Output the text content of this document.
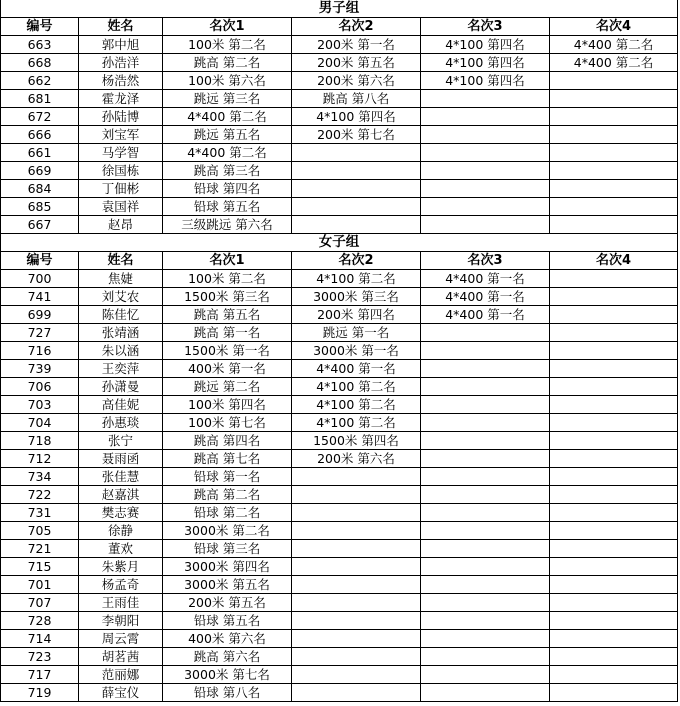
男子组					
编号	姓名	名次1	名次2	名次3	名次4
663	郭中旭	100米 第二名	200米 第一名	4*100 第四名	4*400 第二名
668	孙浩洋	跳高 第二名	200米 第五名	4*100 第四名	4*400 第二名
662	杨浩然	100米 第六名	200米 第六名	4*100 第四名	
681	霍龙泽	跳远 第三名	跳高 第八名		
672	孙陆博	4*400 第二名	4*100 第四名		
666	刘宝军	跳远 第五名	200米 第七名		
661	马学智	4*400 第二名			
669	徐国栋	跳高 第三名			
684	丁佃彬	铅球 第四名			
685	袁国祥	铅球 第五名			
667	赵昂	三级跳远 第六名			
女子组					
编号	姓名	名次1	名次2	名次3	名次4
700	焦婕	100米 第二名	4*100 第二名	4*400 第一名	
741	刘艾农	1500米 第三名	3000米 第三名	4*400 第一名	
699	陈佳忆	跳高 第五名	200米 第四名	4*400 第一名	
727	张靖涵	跳高 第一名	跳远 第一名		
716	朱以涵	1500米 第一名	3000米 第一名		
739	王奕萍	400米 第一名	4*400 第一名		
706	孙潇曼	跳远 第二名	4*100 第二名		
703	高佳妮	100米 第四名	4*100 第二名		
704	孙惠琰	100米 第七名	4*100 第二名		
718	张宁	跳高 第四名	1500米 第四名		
712	聂雨函	跳高 第七名	200米 第六名		
734	张佳慧	铅球 第一名			
722	赵嘉淇	跳高 第二名			
731	樊志赛	铅球 第二名			
705	徐静	3000米 第二名			
721	董欢	铅球 第三名			
715	朱紫月	3000米 第四名			
701	杨孟奇	3000米 第五名			
707	王雨佳	200米 第五名			
728	李朝阳	铅球 第五名			
714	周云霄	400米 第六名			
723	胡茗茜	跳高 第六名			
717	范丽娜	3000米 第七名			
719	薛宝仪	铅球 第八名			
